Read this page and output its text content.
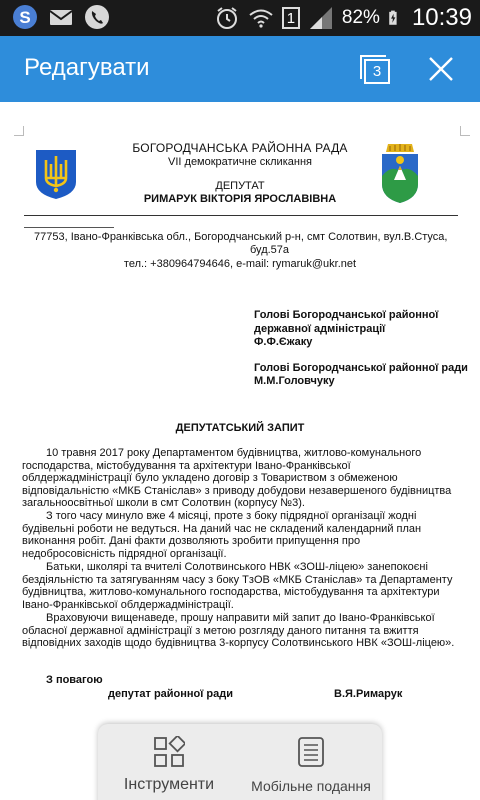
S	1 82% 10:39
Редагувати	3
БОГОРОДЧАНСЬКА РАЙОННА РАДА
VІІ демократичне скликання
ДЕПУТАТ
РИМАРУК ВІКТОРІЯ ЯРОСЛАВІВНА
77753, Івано-Франківська обл., Богородчанський р-н, смт Солотвин, вул.В.Стуса,
буд.57а
тел.: +380964794646, e-mail: rymaruk@ukr.net
Голові Богородчанської районної
державної адміністрації
Ф.Ф.Єжаку
Голові Богородчанської районної ради
М.М.Головчуку
ДЕПУТАТСЬКИЙ ЗАПИТ
10 травня 2017 року Департаментом будівництва, житлово-комунального
господарства, містобудування та архітектури Івано-Франківської
облдержадміністрації було укладено договір з Товариством з обмеженою
відповідальністю «МКБ Станіслав» з приводу добудови незавершеного будівництва
загальноосвітньої школи в смт Солотвин (корпусу №3).
З того часу минуло вже 4 місяці, проте з боку підрядної організації жодні
будівельні роботи не ведуться. На даний час не складений календарний план
виконання робіт. Дані факти дозволяють зробити припущення про
недобросовісність підрядної організації.
Батьки, школярі та вчителі Солотвинського НВК «ЗОШ-ліцею» занепокоєні
бездіяльністю та затягуванням часу з боку ТзОВ «МКБ Станіслав» та Департаменту
будівництва, житлово-комунального господарства, містобудування та архітектури
Івано-Франківської облдержадміністрації.
Враховуючи вищенаведе, прошу направити мій запит до Івано-Франківської
обласної державної адміністрації з метою розгляду даного питання та вжиття
відповідних заходів щодо будівництва 3-корпусу Солотвинського НВК «ЗОШ-ліцею».
З повагою
депутат районної ради	В.Я.Римарук
Інструменти	Мобільне подання
